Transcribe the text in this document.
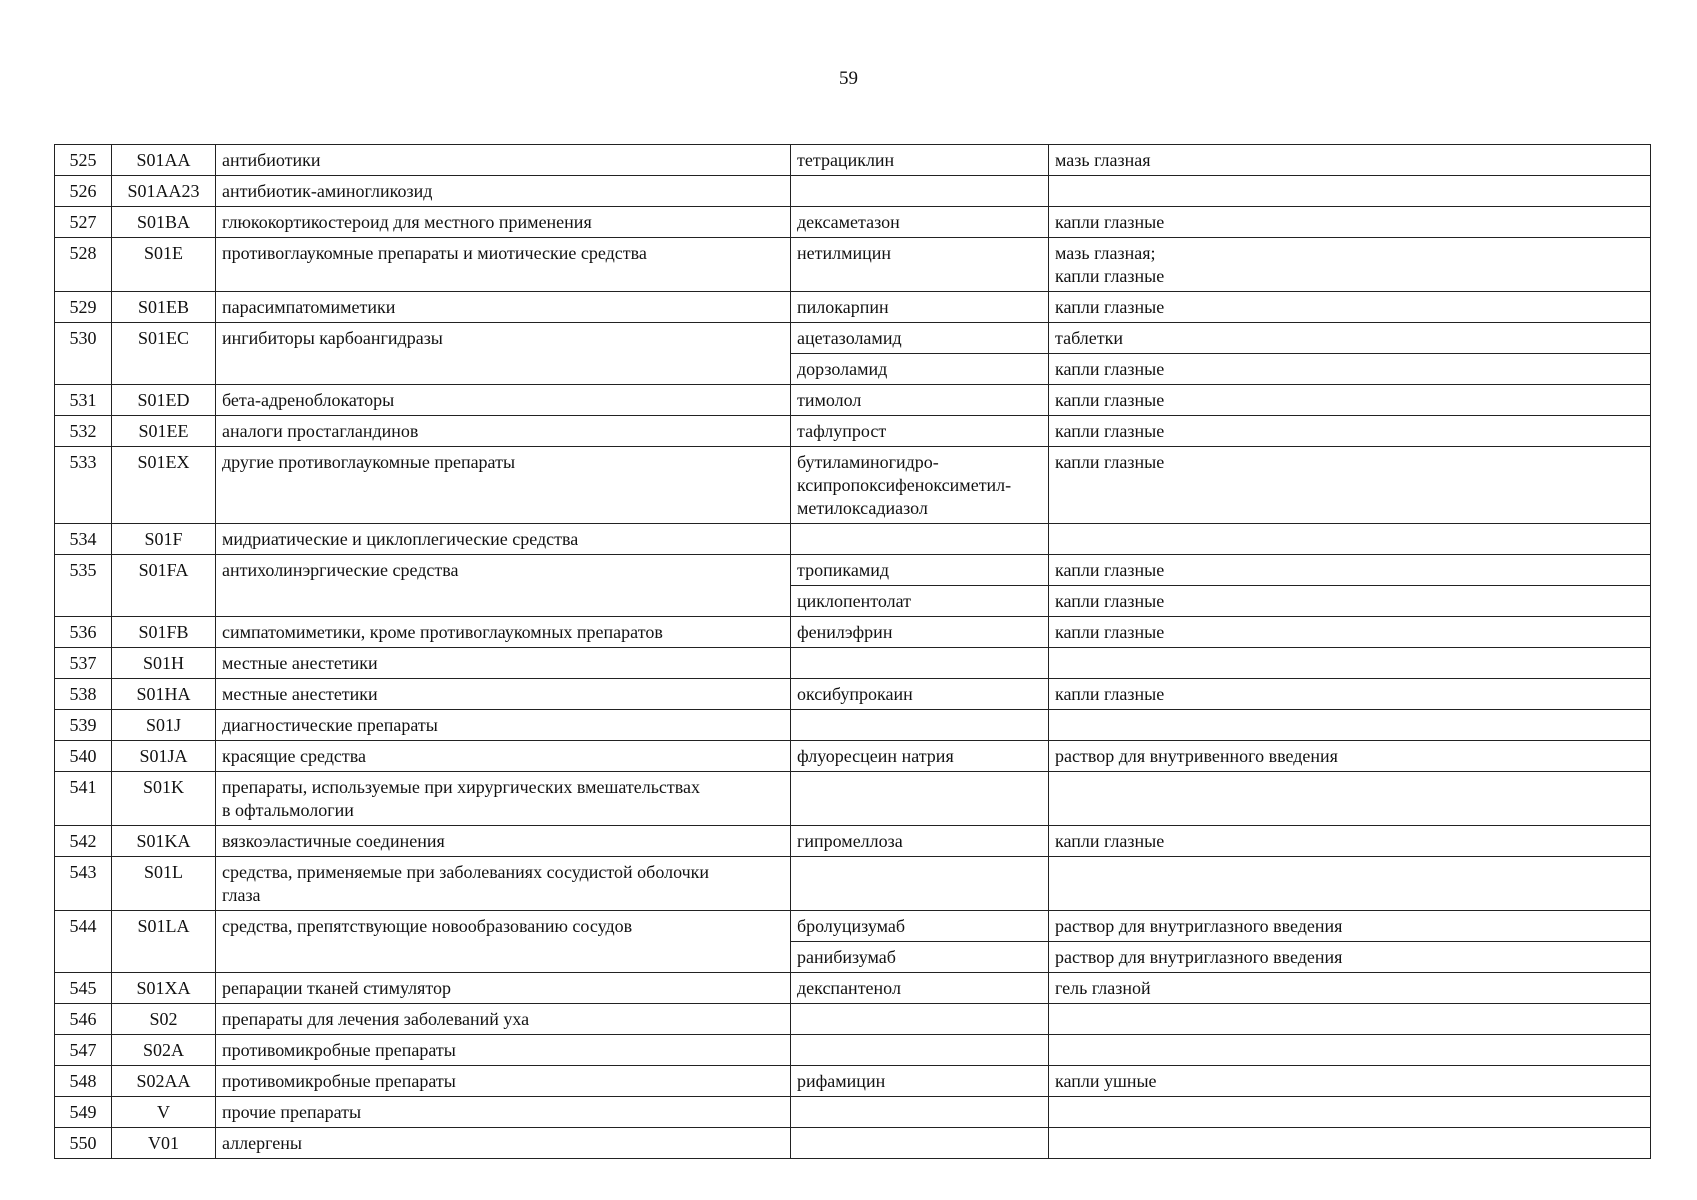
59
525	S01AA	антибиотики	тетрациклин	мазь глазная
526	S01AA23	антибиотик-аминогликозид		
527	S01BA	глюкокортикостероид для местного применения	дексаметазон	капли глазные
528	S01E	противоглаукомные препараты и миотические средства	нетилмицин	мазь глазная;
капли глазные

529	S01EB	парасимпатомиметики	пилокарпин	капли глазные
530	S01EC	ингибиторы карбоангидразы	ацетазоламид	таблетки
			дорзоламид	капли глазные
531	S01ED	бета-адреноблокаторы	тимолол	капли глазные
532	S01EE	аналоги простагландинов	тафлупрост	капли глазные
533	S01EX	другие противоглаукомные препараты	бутиламиногидро-
ксипропоксифеноксиметил-
метилоксадиазол	капли глазные
534	S01F	мидриатические и циклоплегические средства		
535	S01FA	антихолинэргические средства	тропикамид	капли глазные
			циклопентолат	капли глазные
536	S01FB	симпатомиметики, кроме противоглаукомных препаратов	фенилэфрин	капли глазные
537	S01H	местные анестетики		
538	S01HA	местные анестетики	оксибупрокаин	капли глазные
539	S01J	диагностические препараты		
540	S01JA	красящие средства	флуоресцеин натрия	раствор для внутривенного введения
541	S01K	препараты, используемые при хирургических вмешательствах
в офтальмологии		

542	S01KA	вязкоэластичные соединения	гипромеллоза	капли глазные
543	S01L	средства, применяемые при заболеваниях сосудистой оболочки
глаза		

544	S01LA	средства, препятствующие новообразованию сосудов	бролуцизумаб	раствор для внутриглазного введения
			ранибизумаб	раствор для внутриглазного введения
545	S01XA	репарации тканей стимулятор	декспантенол	гель глазной
546	S02	препараты для лечения заболеваний уха		
547	S02A	противомикробные препараты		
548	S02AA	противомикробные препараты	рифамицин	капли ушные
549	V	прочие препараты		
550	V01	аллергены		
